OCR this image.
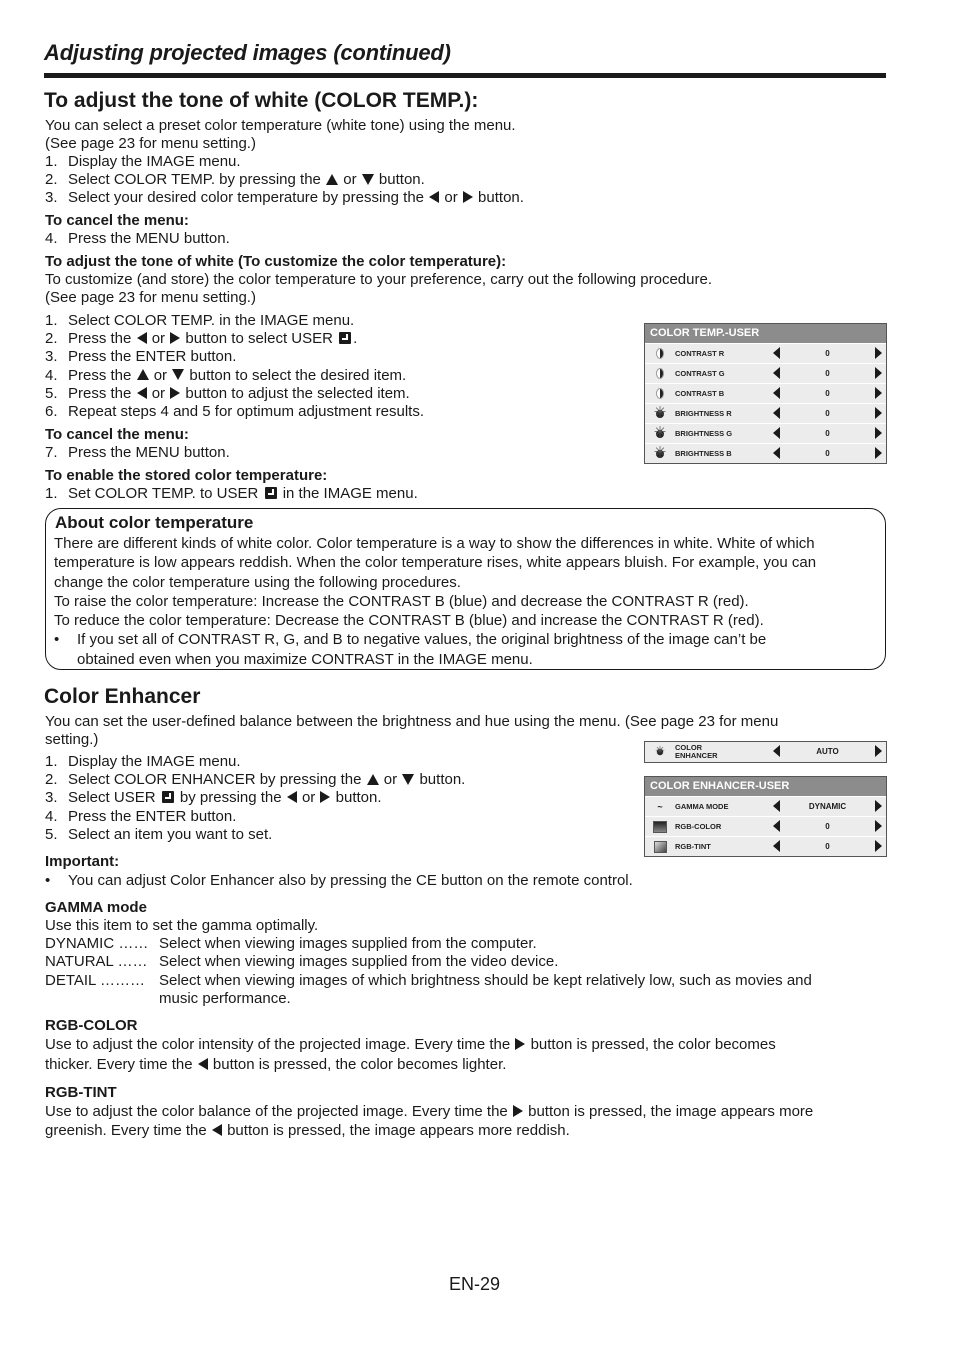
Adjusting projected images (continued)
To adjust the tone of white (COLOR TEMP.):
You can select a preset color temperature (white tone) using the menu.
(See page 23 for menu setting.)
1. Display the IMAGE menu.
2. Select COLOR TEMP. by pressing the or button.
3. Select your desired color temperature by pressing the or button.
To cancel the menu:
4. Press the MENU button.
To adjust the tone of white (To customize the color temperature):
To customize (and store) the color temperature to your preference, carry out the following procedure.
(See page 23 for menu setting.)
1. Select COLOR TEMP. in the IMAGE menu.
2. Press the or button to select USER .
3. Press the ENTER button.
4. Press the or button to select the desired item.
5. Press the or button to adjust the selected item.
6. Repeat steps 4 and 5 for optimum adjustment results.
To cancel the menu:
7. Press the MENU button.
To enable the stored color temperature:
1. Set COLOR TEMP. to USER in the IMAGE menu.
COLOR TEMP.-USER
CONTRAST R	0
CONTRAST G	0
CONTRAST B	0
✳
BRIGHTNESS R	0
✳
BRIGHTNESS G	0
✳
BRIGHTNESS B	0
About color temperature
There are different kinds of white color. Color temperature is a way to show the differences in white. White of which
temperature is low appears reddish. When the color temperature rises, white appears bluish. For example, you can
change the color temperature using the following procedures.
To raise the color temperature: Increase the CONTRAST B (blue) and decrease the CONTRAST R (red).
To reduce the color temperature: Decrease the CONTRAST B (blue) and increase the CONTRAST R (red).
•	If you set all of CONTRAST R, G, and B to negative values, the original brightness of the image can’t be
obtained even when you maximize CONTRAST in the IMAGE menu.
Color Enhancer
You can set the user-defined balance between the brightness and hue using the menu. (See page 23 for menu
setting.)
1. Display the IMAGE menu.
2. Select COLOR ENHANCER by pressing the or button.
3. Select USER by pressing the or button.
4. Press the ENTER button.
5. Select an item you want to set.
✳
COLOR
ENHANCER	AUTO
COLOR ENHANCER-USER
~ GAMMA MODE	DYNAMIC
RGB-COLOR	0
RGB-TINT	0
Important:
•	You can adjust Color Enhancer also by pressing the CE button on the remote control.
GAMMA mode
Use this item to set the gamma optimally.
DYNAMIC …… Select when viewing images supplied from the computer.
NATURAL …… Select when viewing images supplied from the video device.
DETAIL ……… Select when viewing images of which brightness should be kept relatively low, such as movies and
music performance.
RGB-COLOR
Use to adjust the color intensity of the projected image. Every time the button is pressed, the color becomes
thicker. Every time the button is pressed, the color becomes lighter.
RGB-TINT
Use to adjust the color balance of the projected image. Every time the button is pressed, the image appears more
greenish. Every time the button is pressed, the image appears more reddish.
EN-29
